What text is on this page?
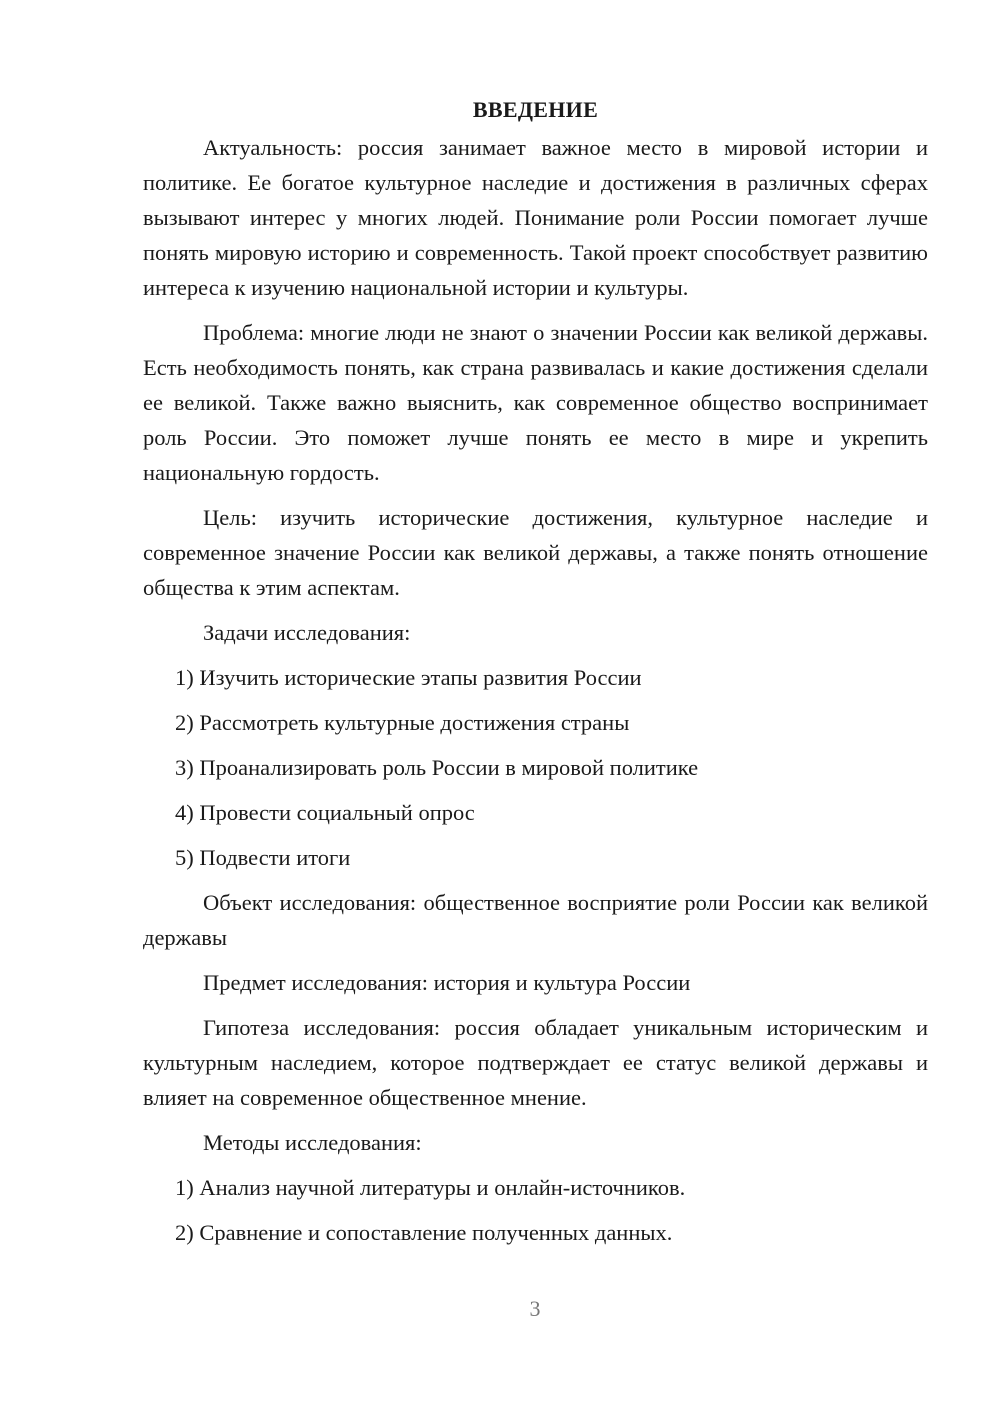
ВВЕДЕНИЕ

Актуальность: россия занимает важное место в мировой истории и политике. Ее богатое культурное наследие и достижения в различных сферах вызывают интерес у многих людей. Понимание роли России помогает лучше понять мировую историю и современность. Такой проект способствует развитию интереса к изучению национальной истории и культуры.

Проблема: многие люди не знают о значении России как великой державы. Есть необходимость понять, как страна развивалась и какие достижения сделали ее великой. Также важно выяснить, как современное общество воспринимает роль России. Это поможет лучше понять ее место в мире и укрепить национальную гордость.

Цель: изучить исторические достижения, культурное наследие и современное значение России как великой державы, а также понять отношение общества к этим аспектам.

Задачи исследования:
1) Изучить исторические этапы развития России
2) Рассмотреть культурные достижения страны
3) Проанализировать роль России в мировой политике
4) Провести социальный опрос
5) Подвести итоги

Объект исследования: общественное восприятие роли России как великой державы

Предмет исследования: история и культура России

Гипотеза исследования: россия обладает уникальным историческим и культурным наследием, которое подтверждает ее статус великой державы и влияет на современное общественное мнение.

Методы исследования:
1) Анализ научной литературы и онлайн-источников.
2) Сравнение и сопоставление полученных данных.
3
